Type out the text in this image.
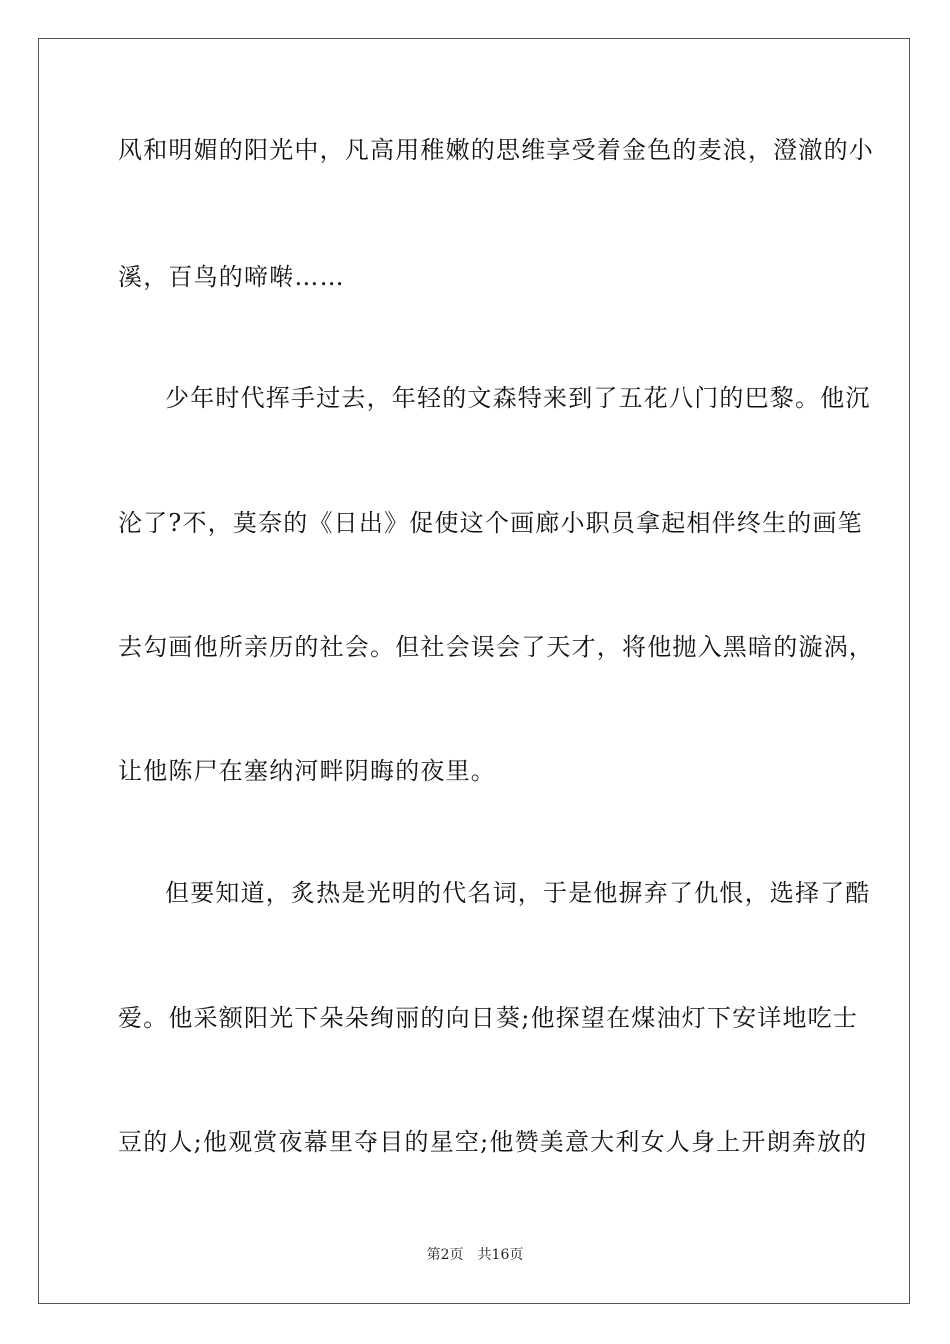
风和明媚的阳光中，凡高用稚嫩的思维享受着金色的麦浪，澄澈的小
溪，百鸟的啼啭……
少年时代挥手过去，年轻的文森特来到了五花八门的巴黎。他沉
沦了?不，莫奈的《日出》促使这个画廊小职员拿起相伴终生的画笔
去勾画他所亲历的社会。但社会误会了天才，将他抛入黑暗的漩涡，
让他陈尸在塞纳河畔阴晦的夜里。
但要知道，炙热是光明的代名词，于是他摒弃了仇恨，选择了酷
爱。他采额阳光下朵朵绚丽的向日葵;他探望在煤油灯下安详地吃士
豆的人;他观赏夜幕里夺目的星空;他赞美意大利女人身上开朗奔放的
第2页 共16页
